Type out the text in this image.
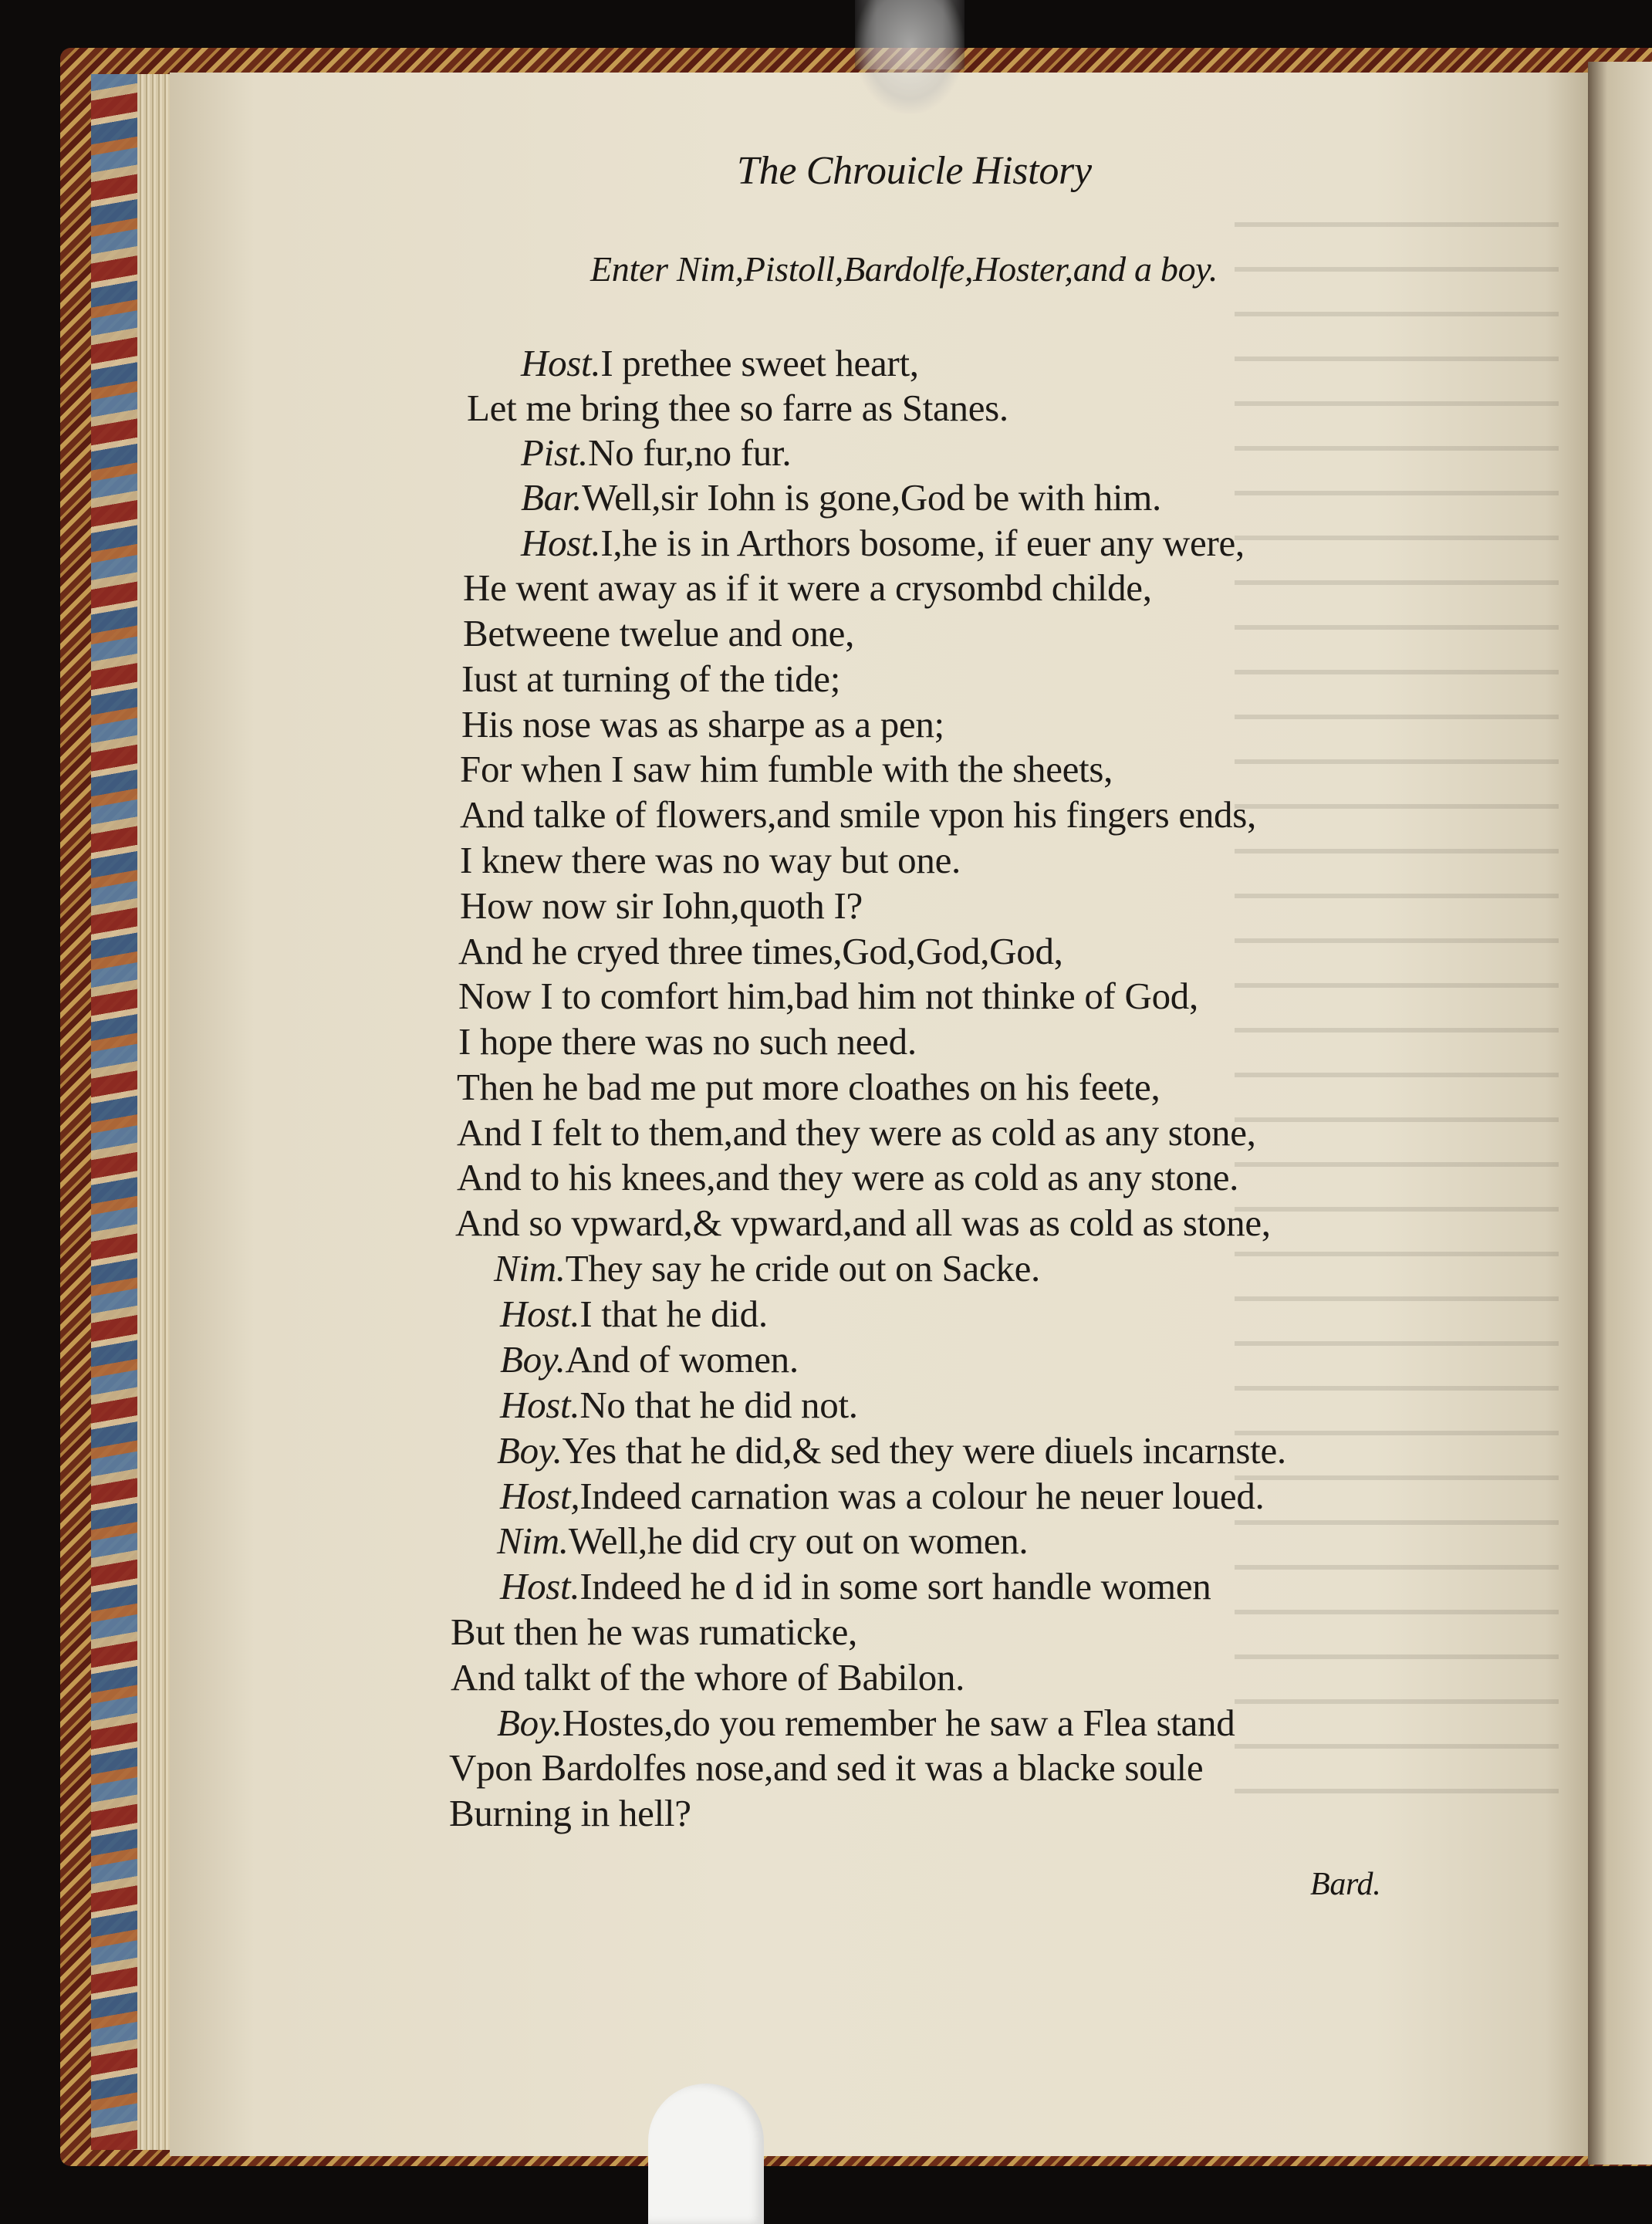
The Chrouicle History
Enter Nim,Pistoll,Bardolfe,Hoster,and a boy.
Host.I prethee sweet heart,
Let me bring thee so farre as Stanes.
Pist.No fur,no fur.
Bar.Well,sir Iohn is gone,God be with him.
Host.I,he is in Arthors bosome, if euer any were,
He went away as if it were a crysombd childe,
Betweene twelue and one,
Iust at turning of the tide;
His nose was as sharpe as a pen;
For when I saw him fumble with the sheets,
And talke of flowers,and smile vpon his fingers ends,
I knew there was no way but one.
How now sir Iohn,quoth I?
And he cryed three times,God,God,God,
Now I to comfort him,bad him not thinke of God,
I hope there was no such need.
Then he bad me put more cloathes on his feete,
And I felt to them,and they were as cold as any stone,
And to his knees,and they were as cold as any stone.
And so vpward,& vpward,and all was as cold as stone,
Nim.They say he cride out on Sacke.
Host.I that he did.
Boy.And of women.
Host.No that he did not.
Boy.Yes that he did,& sed they were diuels incarnste.
Host,Indeed carnation was a colour he neuer loued.
Nim.Well,he did cry out on women.
Host.Indeed he d id in some sort handle women
But then he was rumaticke,
And talkt of the whore of Babilon.
Boy.Hostes,do you remember he saw a Flea stand
Vpon Bardolfes nose,and sed it was a blacke soule
Burning in hell?
Bard.
